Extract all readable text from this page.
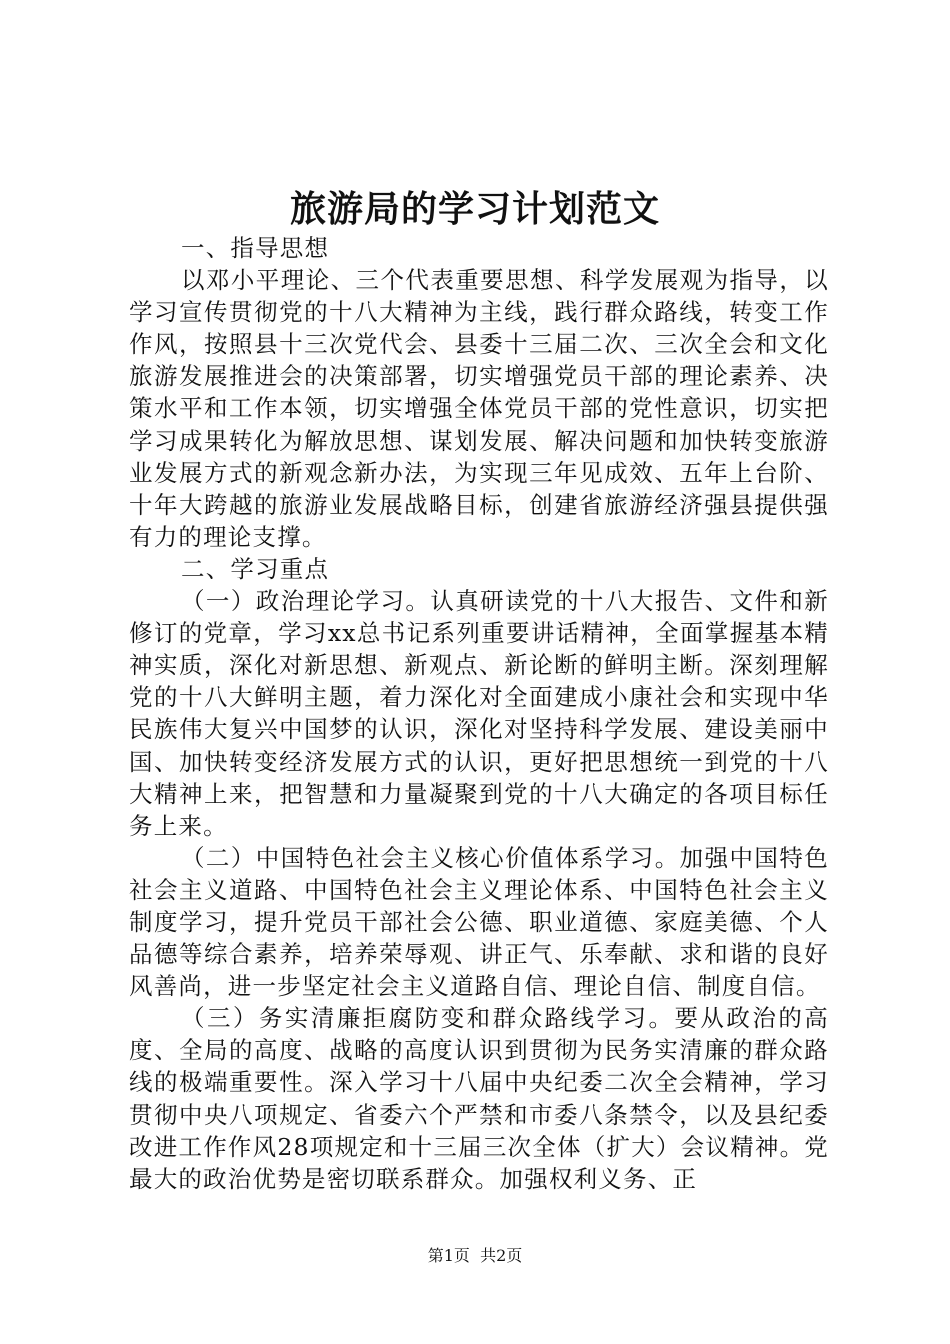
旅游局的学习计划范文

一、指导思想

以邓小平理论、三个代表重要思想、科学发展观为指导，以学习宣传贯彻党的十八大精神为主线，践行群众路线，转变工作作风，按照县十三次党代会、县委十三届二次、三次全会和文化旅游发展推进会的决策部署，切实增强党员干部的理论素养、决策水平和工作本领，切实增强全体党员干部的党性意识，切实把学习成果转化为解放思想、谋划发展、解决问题和加快转变旅游业发展方式的新观念新办法，为实现三年见成效、五年上台阶、十年大跨越的旅游业发展战略目标，创建省旅游经济强县提供强有力的理论支撑。

二、学习重点

（一）政治理论学习。认真研读党的十八大报告、文件和新修订的党章，学习xx总书记系列重要讲话精神，全面掌握基本精神实质，深化对新思想、新观点、新论断的鲜明主断。深刻理解党的十八大鲜明主题，着力深化对全面建成小康社会和实现中华民族伟大复兴中国梦的认识，深化对坚持科学发展、建设美丽中国、加快转变经济发展方式的认识，更好把思想统一到党的十八大精神上来，把智慧和力量凝聚到党的十八大确定的各项目标任务上来。

（二）中国特色社会主义核心价值体系学习。加强中国特色社会主义道路、中国特色社会主义理论体系、中国特色社会主义制度学习，提升党员干部社会公德、职业道德、家庭美德、个人品德等综合素养，培养荣辱观、讲正气、乐奉献、求和谐的良好风善尚，进一步坚定社会主义道路自信、理论自信、制度自信。

（三）务实清廉拒腐防变和群众路线学习。要从政治的高度、全局的高度、战略的高度认识到贯彻为民务实清廉的群众路线的极端重要性。深入学习十八届中央纪委二次全会精神，学习贯彻中央八项规定、省委六个严禁和市委八条禁令，以及县纪委改进工作作风28项规定和十三届三次全体（扩大）会议精神。党最大的政治优势是密切联系群众。加强权利义务、正

第1页  共2页
